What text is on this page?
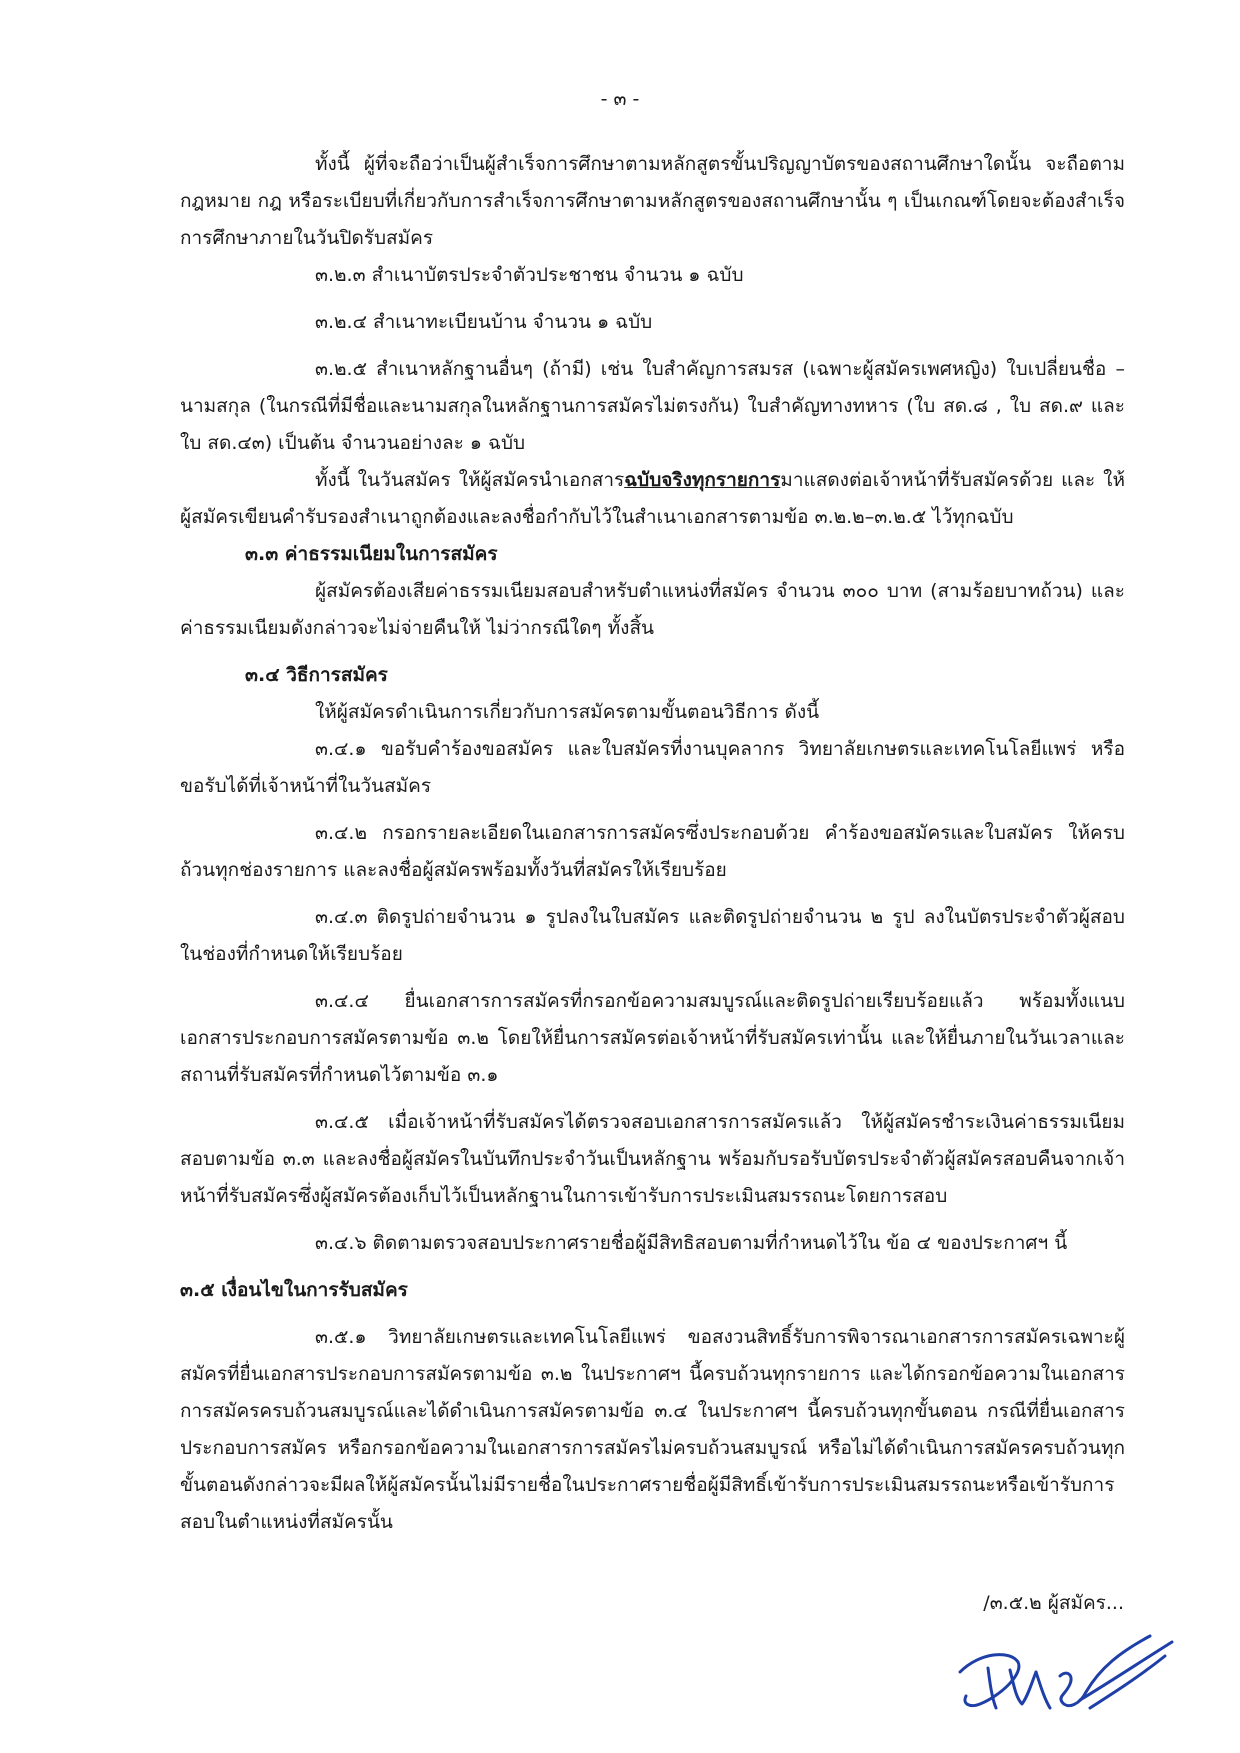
- ๓ -

ทั้งนี้ ผู้ที่จะถือว่าเป็นผู้สำเร็จการศึกษาตามหลักสูตรขั้นปริญญาบัตรของสถานศึกษาใดนั้น จะถือตามกฎหมาย กฎ หรือระเบียบที่เกี่ยวกับการสำเร็จการศึกษาตามหลักสูตรของสถานศึกษานั้น ๆ เป็นเกณฑ์โดยจะต้องสำเร็จการศึกษาภายในวันปิดรับสมัคร

๓.๒.๓ สำเนาบัตรประจำตัวประชาชน จำนวน ๑ ฉบับ

๓.๒.๔ สำเนาทะเบียนบ้าน จำนวน ๑ ฉบับ

๓.๒.๕ สำเนาหลักฐานอื่นๆ (ถ้ามี) เช่น ใบสำคัญการสมรส (เฉพาะผู้สมัครเพศหญิง) ใบเปลี่ยนชื่อ – นามสกุล (ในกรณีที่มีชื่อและนามสกุลในหลักฐานการสมัครไม่ตรงกัน) ใบสำคัญทางทหาร (ใบ สด.๘ , ใบ สด.๙ และใบ สด.๔๓) เป็นต้น จำนวนอย่างละ ๑ ฉบับ

ทั้งนี้ ในวันสมัคร ให้ผู้สมัครนำเอกสารฉบับจริงทุกรายการมาแสดงต่อเจ้าหน้าที่รับสมัครด้วย และ ให้ผู้สมัครเขียนคำรับรองสำเนาถูกต้องและลงชื่อกำกับไว้ในสำเนาเอกสารตามข้อ ๓.๒.๒–๓.๒.๕ ไว้ทุกฉบับ

๓.๓ ค่าธรรมเนียมในการสมัคร

ผู้สมัครต้องเสียค่าธรรมเนียมสอบสำหรับตำแหน่งที่สมัคร จำนวน ๓๐๐ บาท (สามร้อยบาทถ้วน) และค่าธรรมเนียมดังกล่าวจะไม่จ่ายคืนให้ ไม่ว่ากรณีใดๆ ทั้งสิ้น

๓.๔ วิธีการสมัคร

ให้ผู้สมัครดำเนินการเกี่ยวกับการสมัครตามขั้นตอนวิธีการ ดังนี้

๓.๔.๑ ขอรับคำร้องขอสมัคร และใบสมัครที่งานบุคลากร วิทยาลัยเกษตรและเทคโนโลยีแพร่ หรือขอรับได้ที่เจ้าหน้าที่ในวันสมัคร

๓.๔.๒ กรอกรายละเอียดในเอกสารการสมัครซึ่งประกอบด้วย คำร้องขอสมัครและใบสมัคร ให้ครบถ้วนทุกช่องรายการ และลงชื่อผู้สมัครพร้อมทั้งวันที่สมัครให้เรียบร้อย

๓.๔.๓ ติดรูปถ่ายจำนวน ๑ รูปลงในใบสมัคร และติดรูปถ่ายจำนวน ๒ รูป ลงในบัตรประจำตัวผู้สอบในช่องที่กำหนดให้เรียบร้อย

๓.๔.๔ ยื่นเอกสารการสมัครที่กรอกข้อความสมบูรณ์และติดรูปถ่ายเรียบร้อยแล้ว พร้อมทั้งแนบเอกสารประกอบการสมัครตามข้อ ๓.๒ โดยให้ยื่นการสมัครต่อเจ้าหน้าที่รับสมัครเท่านั้น และให้ยื่นภายในวันเวลาและสถานที่รับสมัครที่กำหนดไว้ตามข้อ ๓.๑

๓.๔.๕ เมื่อเจ้าหน้าที่รับสมัครได้ตรวจสอบเอกสารการสมัครแล้ว ให้ผู้สมัครชำระเงินค่าธรรมเนียมสอบตามข้อ ๓.๓ และลงชื่อผู้สมัครในบันทึกประจำวันเป็นหลักฐาน พร้อมกับรอรับบัตรประจำตัวผู้สมัครสอบคืนจากเจ้าหน้าที่รับสมัครซึ่งผู้สมัครต้องเก็บไว้เป็นหลักฐานในการเข้ารับการประเมินสมรรถนะโดยการสอบ

๓.๔.๖ ติดตามตรวจสอบประกาศรายชื่อผู้มีสิทธิสอบตามที่กำหนดไว้ใน ข้อ ๔ ของประกาศฯ นี้

๓.๕ เงื่อนไขในการรับสมัคร

๓.๕.๑ วิทยาลัยเกษตรและเทคโนโลยีแพร่ ขอสงวนสิทธิ์รับการพิจารณาเอกสารการสมัครเฉพาะผู้สมัครที่ยื่นเอกสารประกอบการสมัครตามข้อ ๓.๒ ในประกาศฯ นี้ครบถ้วนทุกรายการ และได้กรอกข้อความในเอกสารการสมัครครบถ้วนสมบูรณ์และได้ดำเนินการสมัครตามข้อ ๓.๔ ในประกาศฯ นี้ครบถ้วนทุกขั้นตอน กรณีที่ยื่นเอกสารประกอบการสมัคร หรือกรอกข้อความในเอกสารการสมัครไม่ครบถ้วนสมบูรณ์ หรือไม่ได้ดำเนินการสมัครครบถ้วนทุกขั้นตอนดังกล่าวจะมีผลให้ผู้สมัครนั้นไม่มีรายชื่อในประกาศรายชื่อผู้มีสิทธิ์เข้ารับการประเมินสมรรถนะหรือเข้ารับการสอบในตำแหน่งที่สมัครนั้น

/๓.๕.๒ ผู้สมัคร...
